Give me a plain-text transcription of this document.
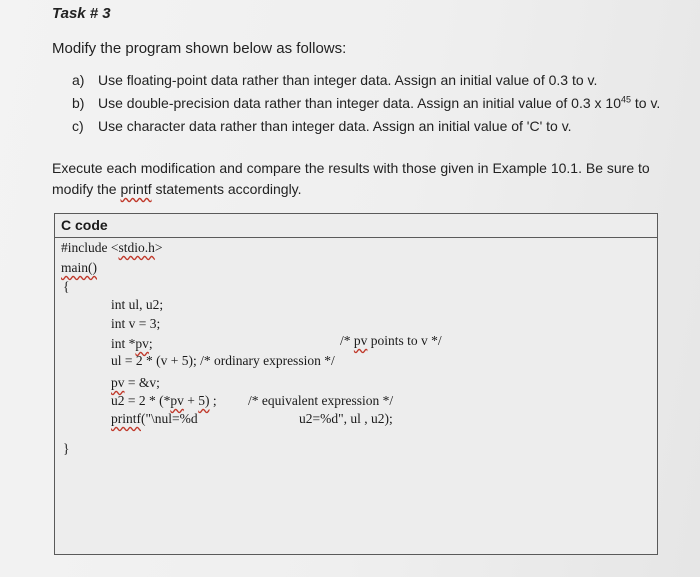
Task # 3
Modify the program shown below as follows:
a) Use floating-point data rather than integer data. Assign an initial value of 0.3 to v.
b) Use double-precision data rather than integer data. Assign an initial value of 0.3 x $10^{45}$ to v.
c)	Use character data rather than integer data. Assign an initial value of 'C' to v.
Execute each modification and compare the results with those given in Example 10.1. Be sure to
modify the printf statements accordingly.
C code
#include <stdio.h>
main()
{
int ul, u2;
int v = 3;
int *pv;	/* pv points to v */
ul = 2 * (v + 5); /* ordinary expression */
pv = &v;
u2 = 2 * (*pv + 5) ; /* equivalent expression */
printf("\nul=%d	u2=%d", ul , u2);
}
